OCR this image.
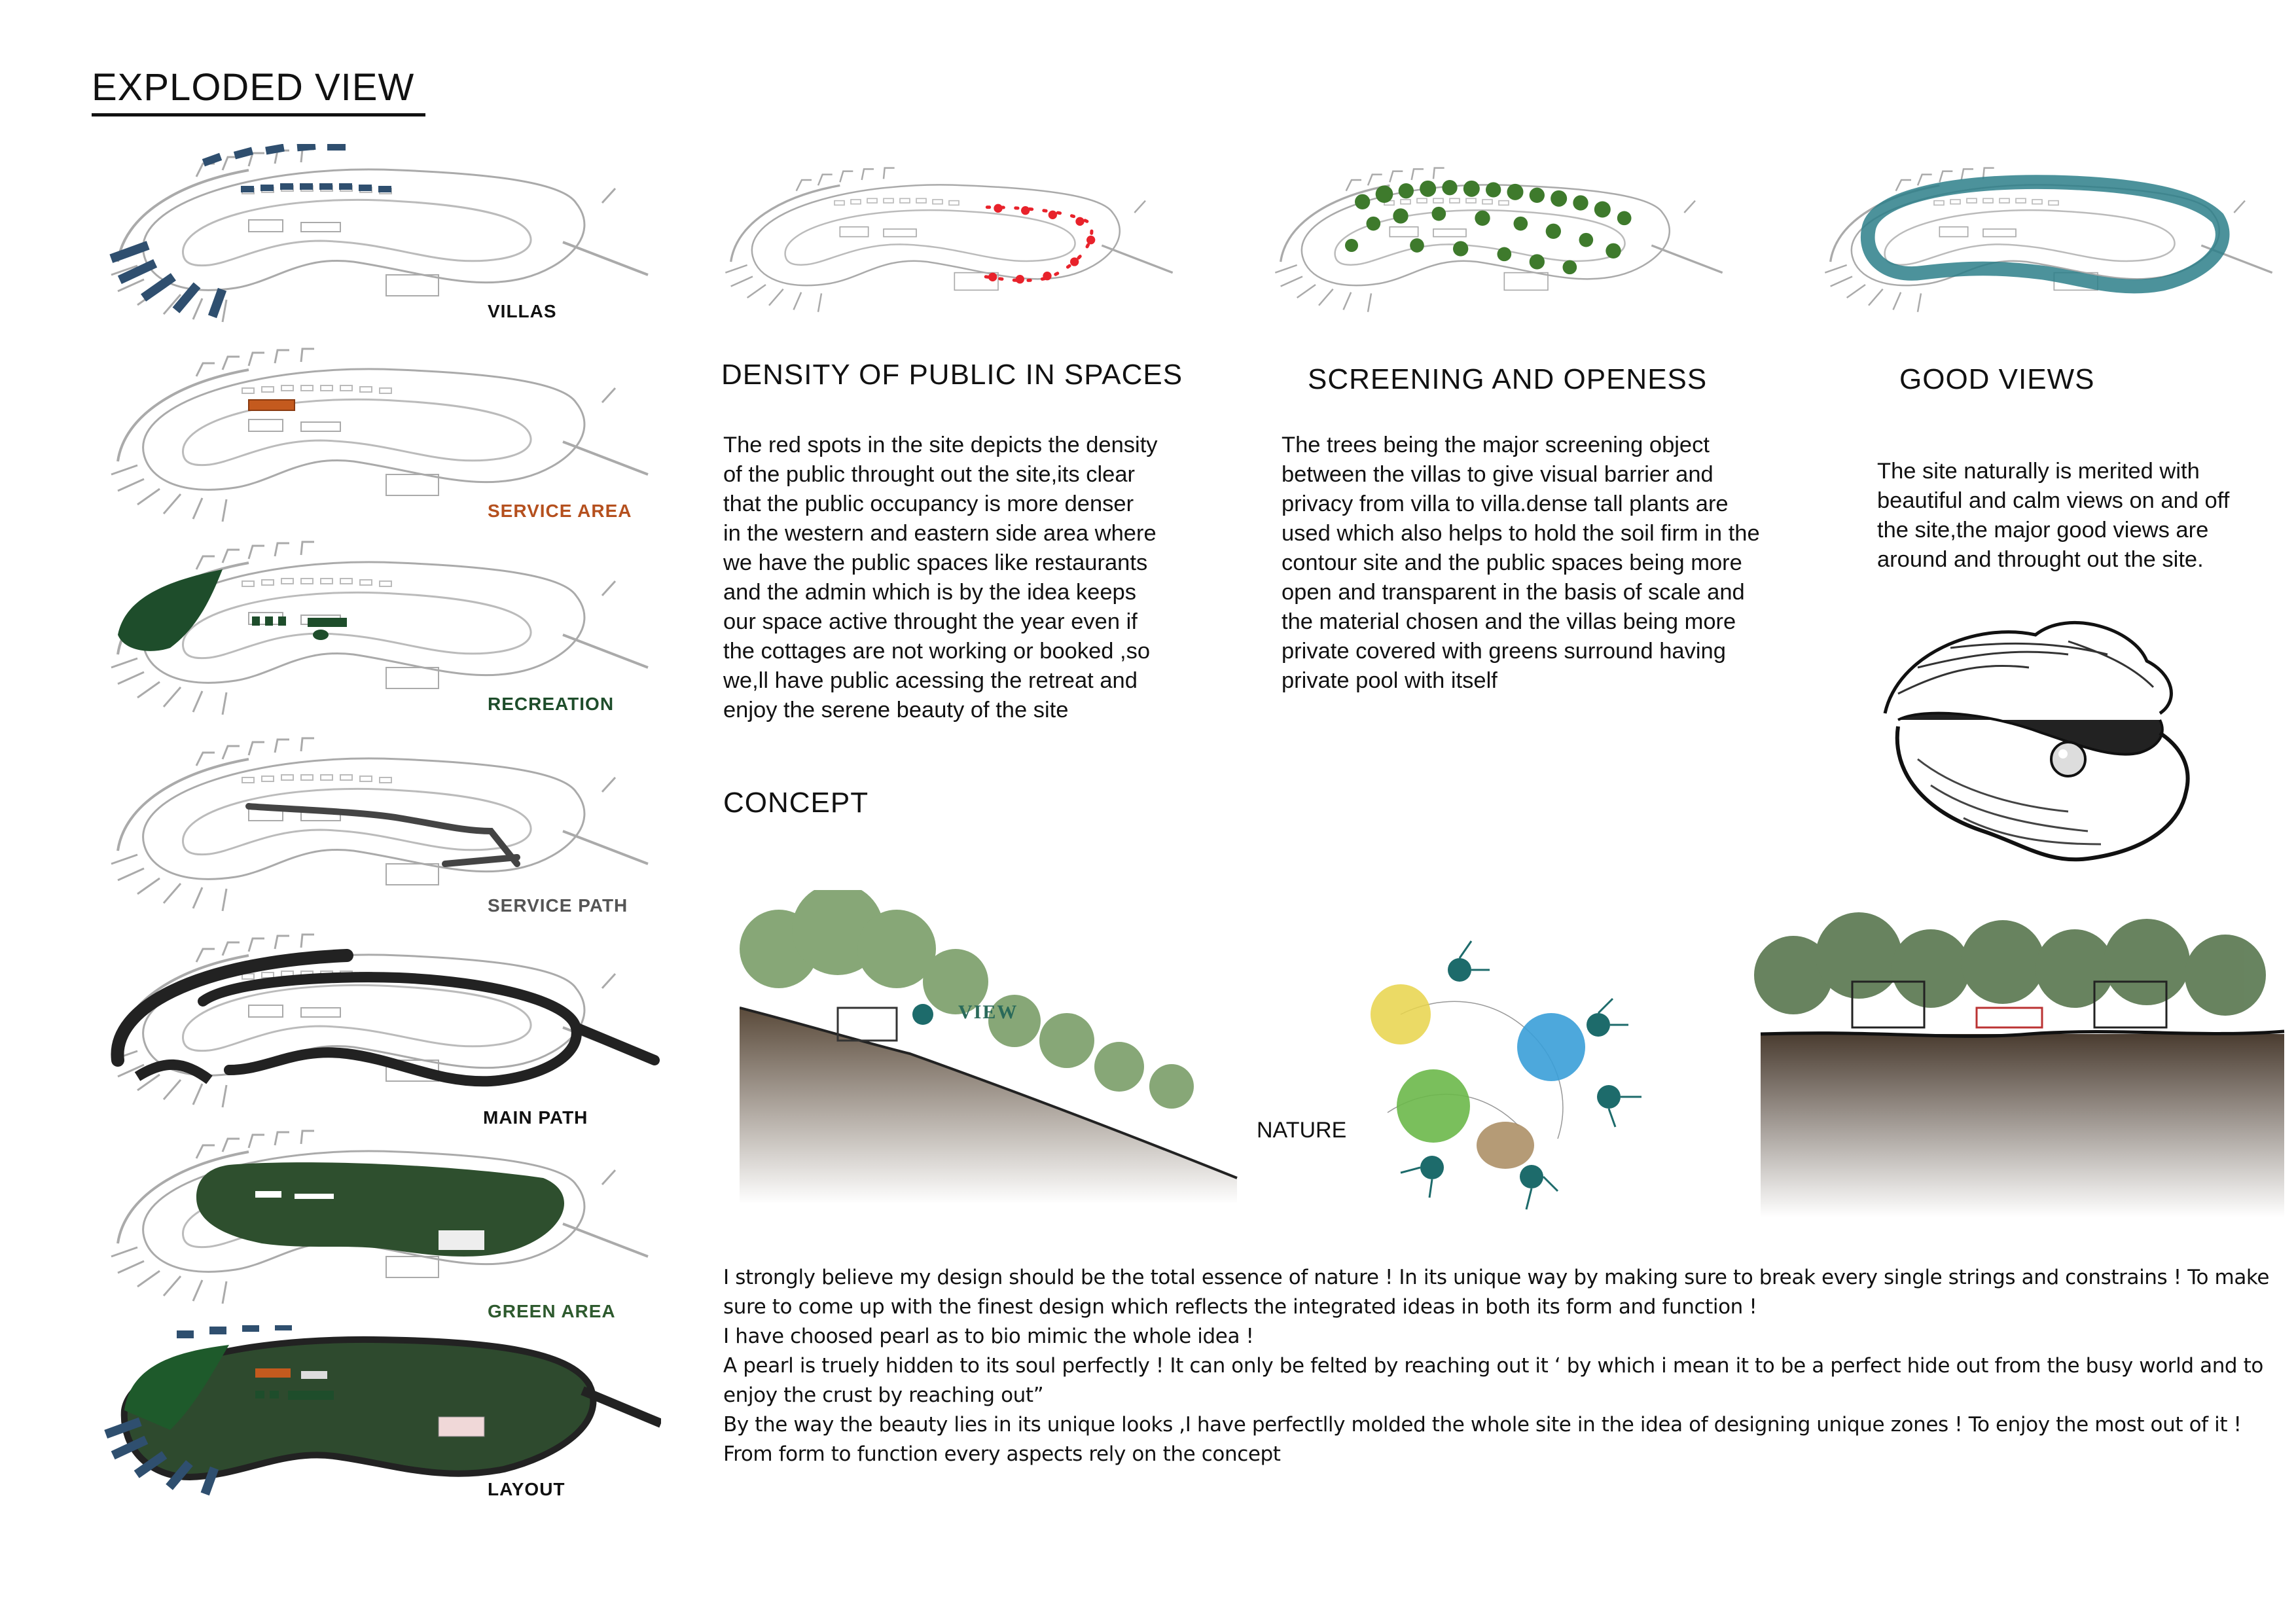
EXPLODED VIEW
VILLAS
SERVICE AREA
RECREATION
SERVICE PATH
MAIN PATH
GREEN AREA
LAYOUT
DENSITY OF PUBLIC IN SPACES	SCREENING AND OPENESS	GOOD VIEWS

The red spots in the site depicts the density

of the public throught out the site,its clear

that the public occupancy is more denser

in the western and eastern side area where

we have the public spaces like restaurants

and the admin which is by the idea keeps

our space active throught the year even if

the cottages are not working or booked ,so

we,ll have public acessing the retreat and

enjoy the serene beauty of the site

The trees being the major screening object

between the villas to give visual barrier and

privacy from villa to villa.dense tall plants are

used which also helps to hold the soil firm in the

contour site and the public spaces being more

open and transparent in the basis of scale and

the material chosen and the villas being more

private covered with greens surround having

private pool with itself

The site naturally is merited with

beautiful and calm views on and off

the site,the major good views are

around and throught out the site.

CONCEPT
VIEW
NATURE

I strongly believe my design should be the total essence of nature ! In its unique way by making sure to break every single strings and constrains ! To make

sure to come up with the finest design which reflects the integrated ideas in both its form and function !

I have choosed pearl as to bio mimic the whole idea !

A pearl is truely hidden to its soul perfectly ! It can only be felted by reaching out it ‘ by which i mean it to be a perfect hide out from the busy world and to

enjoy the crust by reaching out”

By the way the beauty lies in its unique looks ,I have perfectlly molded the whole site in the idea of designing unique zones ! To enjoy the most out of it !

From form to function every aspects rely on the concept
